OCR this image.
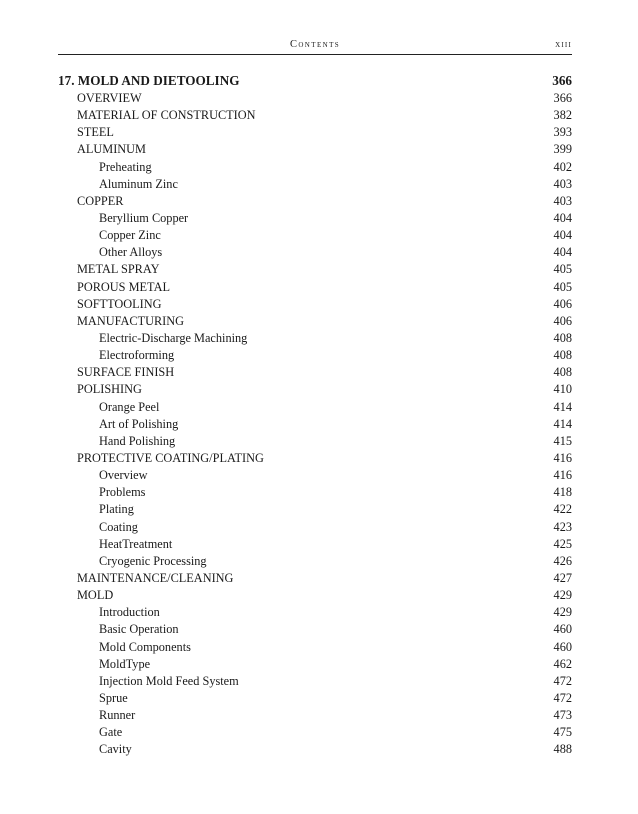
Contents	xiii
17. MOLD AND DIETOOLING	366
OVERVIEW	366
MATERIAL OF CONSTRUCTION	382
STEEL	393
ALUMINUM	399
Preheating	402
Aluminum Zinc	403
COPPER	403
Beryllium Copper	404
Copper Zinc	404
Other Alloys	404
METAL SPRAY	405
POROUS METAL	405
SOFTTOOLING	406
MANUFACTURING	406
Electric-Discharge Machining	408
Electroforming	408
SURFACE FINISH	408
POLISHING	410
Orange Peel	414
Art of Polishing	414
Hand Polishing	415
PROTECTIVE COATING/PLATING	416
Overview	416
Problems	418
Plating	422
Coating	423
HeatTreatment	425
Cryogenic Processing	426
MAINTENANCE/CLEANING	427
MOLD	429
Introduction	429
Basic Operation	460
Mold Components	460
MoldType	462
Injection Mold Feed System	472
Sprue	472
Runner	473
Gate	475
Cavity	488
